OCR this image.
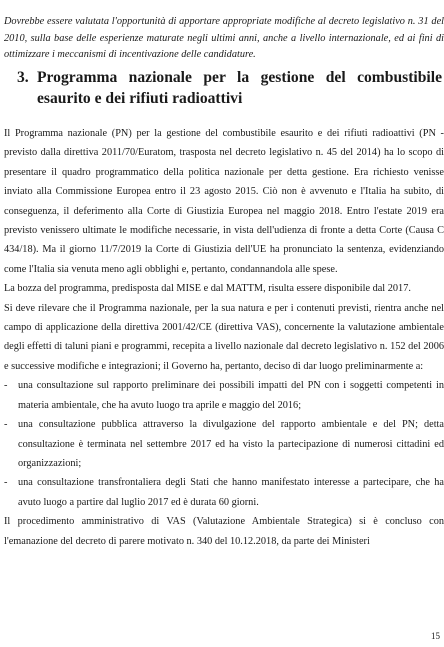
Dovrebbe essere valutata l'opportunità di apportare appropriate modifiche al decreto legislativo n. 31 del 2010, sulla base delle esperienze maturate negli ultimi anni, anche a livello internazionale, ed ai fini di ottimizzare i meccanismi di incentivazione delle candidature.

3. Programma nazionale per la gestione del combustibile esaurito e dei rifiuti radioattivi

Il Programma nazionale (PN) per la gestione del combustibile esaurito e dei rifiuti radioattivi (PN - previsto dalla direttiva 2011/70/Euratom, trasposta nel decreto legislativo n. 45 del 2014) ha lo scopo di presentare il quadro programmatico della politica nazionale per detta gestione. Era richiesto venisse inviato alla Commissione Europea entro il 23 agosto 2015. Ciò non è avvenuto e l'Italia ha subito, di conseguenza, il deferimento alla Corte di Giustizia Europea nel maggio 2018. Entro l'estate 2019 era previsto venissero ultimate le modifiche necessarie, in vista dell'udienza di fronte a detta Corte (Causa C 434/18). Ma il giorno 11/7/2019 la Corte di Giustizia dell'UE ha pronunciato la sentenza, evidenziando come l'Italia sia venuta meno agli obblighi e, pertanto, condannandola alle spese.

La bozza del programma, predisposta dal MISE e dal MATTM, risulta essere disponibile dal 2017.

Si deve rilevare che il Programma nazionale, per la sua natura e per i contenuti previsti, rientra anche nel campo di applicazione della direttiva 2001/42/CE (direttiva VAS), concernente la valutazione ambientale degli effetti di taluni piani e programmi, recepita a livello nazionale dal decreto legislativo n. 152 del 2006 e successive modifiche e integrazioni; il Governo ha, pertanto, deciso di dar luogo preliminarmente a:

- una consultazione sul rapporto preliminare dei possibili impatti del PN con i soggetti competenti in materia ambientale, che ha avuto luogo tra aprile e maggio del 2016;
- una consultazione pubblica attraverso la divulgazione del rapporto ambientale e del PN; detta consultazione è terminata nel settembre 2017 ed ha visto la partecipazione di numerosi cittadini ed organizzazioni;
- una consultazione transfrontaliera degli Stati che hanno manifestato interesse a partecipare, che ha avuto luogo a partire dal luglio 2017 ed è durata 60 giorni.

Il procedimento amministrativo di VAS (Valutazione Ambientale Strategica) si è concluso con l'emanazione del decreto di parere motivato n. 340 del 10.12.2018, da parte dei Ministeri

15
